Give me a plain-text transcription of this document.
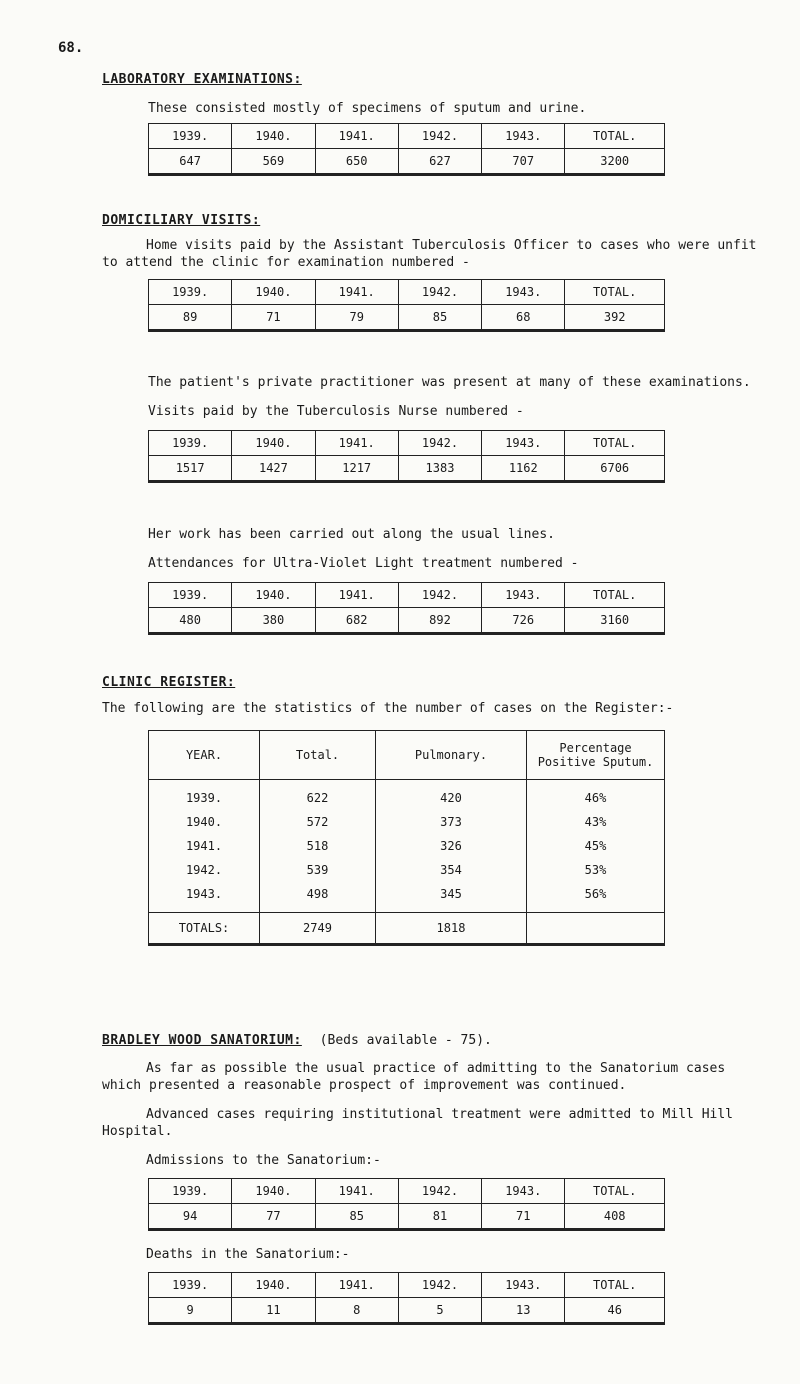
68.
LABORATORY EXAMINATIONS:
These consisted mostly of specimens of sputum and urine.
1939.	1940.	1941.	1942.	1943.	TOTAL.
647	569	650	627	707	3200
DOMICILIARY VISITS:
Home visits paid by the Assistant Tuberculosis Officer to cases who were unfit
to attend the clinic for examination numbered -
1939.	1940.	1941.	1942.	1943.	TOTAL.
89	71	79	85	68	392
The patient's private practitioner was present at many of these examinations.
Visits paid by the Tuberculosis Nurse numbered -
1939.	1940.	1941.	1942.	1943.	TOTAL.
1517	1427	1217	1383	1162	6706
Her work has been carried out along the usual lines.
Attendances for Ultra-Violet Light treatment numbered -
1939.	1940.	1941.	1942.	1943.	TOTAL.
480	380	682	892	726	3160
CLINIC REGISTER:
The following are the statistics of the number of cases on the Register:-
YEAR.	Total.	Pulmonary.	Percentage
Positive Sputum.

1939.	622	420	46%
1940.	572	373	43%
1941.	518	326	45%
1942.	539	354	53%
1943.	498	345	56%
TOTALS:	2749	1818	
BRADLEY WOOD SANATORIUM: (Beds available - 75).
As far as possible the usual practice of admitting to the Sanatorium cases
which presented a reasonable prospect of improvement was continued.
Advanced cases requiring institutional treatment were admitted to Mill Hill
Hospital.
Admissions to the Sanatorium:-
1939.	1940.	1941.	1942.	1943.	TOTAL.
94	77	85	81	71	408
Deaths in the Sanatorium:-
1939.	1940.	1941.	1942.	1943.	TOTAL.
9	11	8	5	13	46
